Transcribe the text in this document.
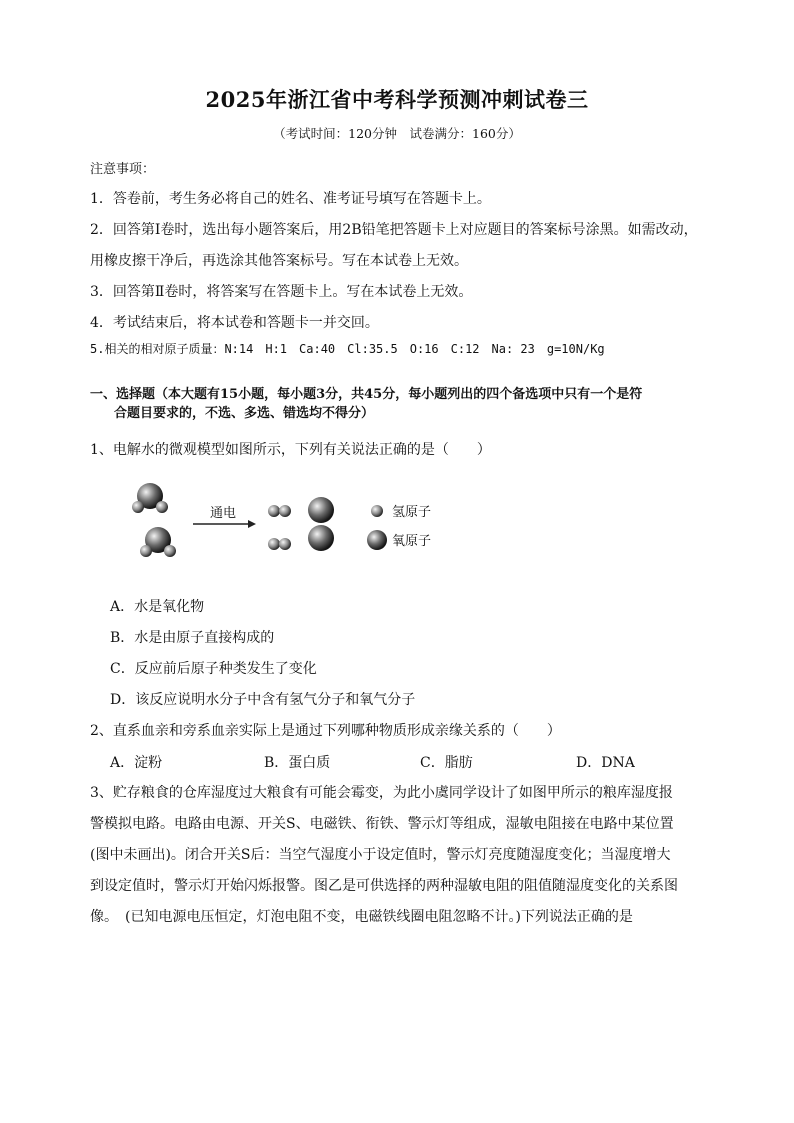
2025年浙江省中考科学预测冲刺试卷三
（考试时间：120分钟　试卷满分：160分）
注意事项：
1．答卷前，考生务必将自己的姓名、准考证号填写在答题卡上。
2．回答第Ⅰ卷时，选出每小题答案后，用2B铅笔把答题卡上对应题目的答案标号涂黑。如需改动，
用橡皮擦干净后，再选涂其他答案标号。写在本试卷上无效。
3．回答第Ⅱ卷时，将答案写在答题卡上。写在本试卷上无效。
4．考试结束后，将本试卷和答题卡一并交回。
5.相关的相对原子质量：N:14　H:1　Ca:40　Cl:35.5　O:16　C:12　Na: 23　g=10N/Kg
一、选择题（本大题有15小题，每小题3分，共45分，每小题列出的四个备选项中只有一个是符
合题目要求的，不选、多选、错选均不得分）
1、电解水的微观模型如图所示，下列有关说法正确的是（　　）
通电	氢原子
氧原子
A．水是氧化物
B．水是由原子直接构成的
C．反应前后原子种类发生了变化
D．该反应说明水分子中含有氢气分子和氧气分子
2、直系血亲和旁系血亲实际上是通过下列哪种物质形成亲缘关系的（　　）
A．淀粉	B．蛋白质	C．脂肪	D．DNA
3、贮存粮食的仓库湿度过大粮食有可能会霉变，为此小虞同学设计了如图甲所示的粮库湿度报
警模拟电路。电路由电源、开关S、电磁铁、衔铁、警示灯等组成，湿敏电阻接在电路中某位置
(图中未画出)。闭合开关S后：当空气湿度小于设定值时，警示灯亮度随湿度变化；当湿度增大
到设定值时，警示灯开始闪烁报警。图乙是可供选择的两种湿敏电阻的阻值随湿度变化的关系图
像。　(已知电源电压恒定，灯泡电阻不变，电磁铁线圈电阻忽略不计。)下列说法正确的是
